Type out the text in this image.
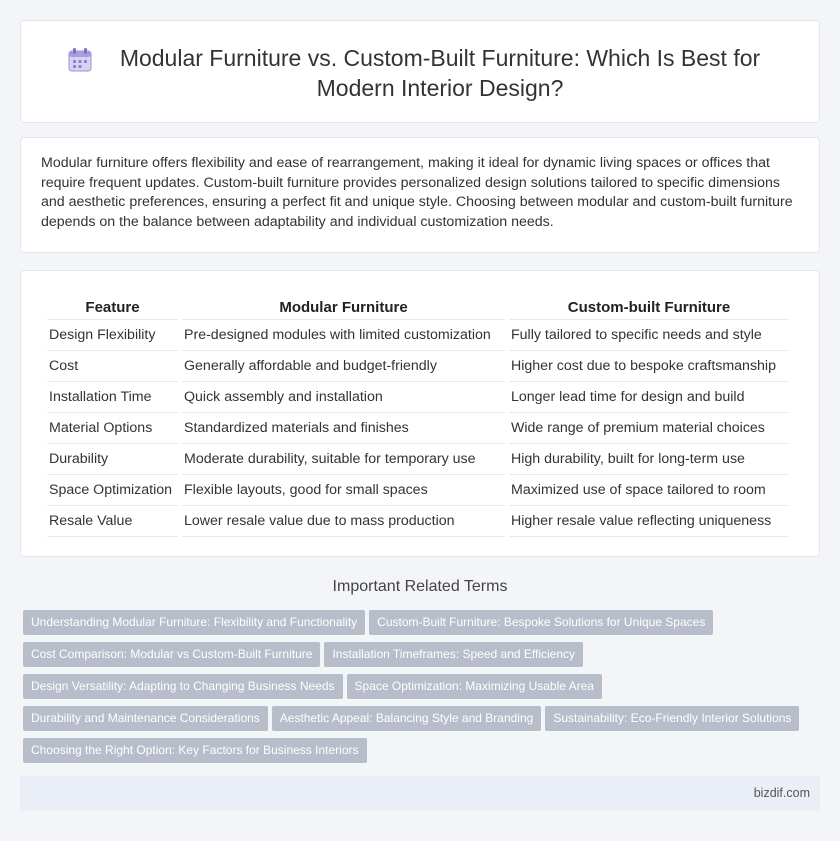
Modular Furniture vs. Custom-Built Furniture: Which Is Best for Modern Interior Design?

Modular furniture offers flexibility and ease of rearrangement, making it ideal for dynamic living spaces or offices that require frequent updates. Custom-built furniture provides personalized design solutions tailored to specific dimensions and aesthetic preferences, ensuring a perfect fit and unique style. Choosing between modular and custom-built furniture depends on the balance between adaptability and individual customization needs.

Feature	Modular Furniture	Custom-built Furniture
Design Flexibility	Pre-designed modules with limited customization	Fully tailored to specific needs and style
Cost	Generally affordable and budget-friendly	Higher cost due to bespoke craftsmanship
Installation Time	Quick assembly and installation	Longer lead time for design and build
Material Options	Standardized materials and finishes	Wide range of premium material choices
Durability	Moderate durability, suitable for temporary use	High durability, built for long-term use
Space Optimization	Flexible layouts, good for small spaces	Maximized use of space tailored to room
Resale Value	Lower resale value due to mass production	Higher resale value reflecting uniqueness
Important Related Terms
Understanding Modular Furniture: Flexibility and Functionality Custom-Built Furniture: Bespoke Solutions for Unique Spaces
Cost Comparison: Modular vs Custom-Built Furniture Installation Timeframes: Speed and Efficiency
Design Versatility: Adapting to Changing Business Needs Space Optimization: Maximizing Usable Area
Durability and Maintenance Considerations Aesthetic Appeal: Balancing Style and Branding Sustainability: Eco-Friendly Interior Solutions
Choosing the Right Option: Key Factors for Business Interiors
bizdif.com
